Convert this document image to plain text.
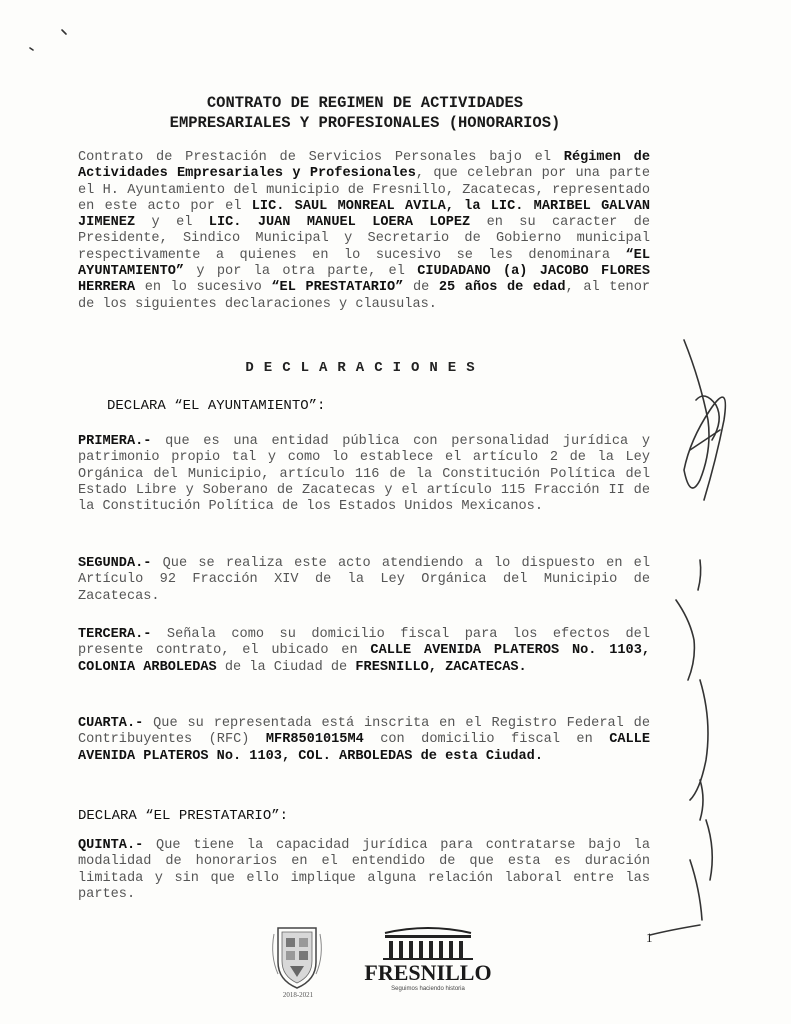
CONTRATO DE REGIMEN DE ACTIVIDADES
EMPRESARIALES Y PROFESIONALES (HONORARIOS)
Contrato de Prestación de Servicios Personales bajo el Régimen de Actividades Empresariales y Profesionales, que celebran por una parte el H. Ayuntamiento del municipio de Fresnillo, Zacatecas, representado en este acto por el LIC. SAUL MONREAL AVILA, la LIC. MARIBEL GALVAN JIMENEZ y el LIC. JUAN MANUEL LOERA LOPEZ en su caracter de Presidente, Sindico Municipal y Secretario de Gobierno municipal respectivamente a quienes en lo sucesivo se les denominara “EL AYUNTAMIENTO” y por la otra parte, el CIUDADANO (a) JACOBO FLORES HERRERA en lo sucesivo “EL PRESTATARIO” de 25 años de edad, al tenor de los siguientes declaraciones y clausulas.
DECLARACIONES
DECLARA “EL AYUNTAMIENTO”:
PRIMERA.- que es una entidad pública con personalidad jurídica y patrimonio propio tal y como lo establece el artículo 2 de la Ley Orgánica del Municipio, artículo 116 de la Constitución Política del Estado Libre y Soberano de Zacatecas y el artículo 115 Fracción II de la Constitución Política de los Estados Unidos Mexicanos.
SEGUNDA.- Que se realiza este acto atendiendo a lo dispuesto en el Artículo 92 Fracción XIV de la Ley Orgánica del Municipio de Zacatecas.
TERCERA.- Señala como su domicilio fiscal para los efectos del presente contrato, el ubicado en CALLE AVENIDA PLATEROS No. 1103, COLONIA ARBOLEDAS de la Ciudad de FRESNILLO, ZACATECAS.
CUARTA.- Que su representada está inscrita en el Registro Federal de Contribuyentes (RFC) MFR8501015M4 con domicilio fiscal en CALLE AVENIDA PLATEROS No. 1103, COL. ARBOLEDAS de esta Ciudad.
DECLARA “EL PRESTATARIO”:
QUINTA.- Que tiene la capacidad jurídica para contratarse bajo la modalidad de honorarios en el entendido de que esta es duración limitada y sin que ello implique alguna relación laboral entre las partes.
1
2018-2021
FRESNILLO
Seguimos haciendo historia
